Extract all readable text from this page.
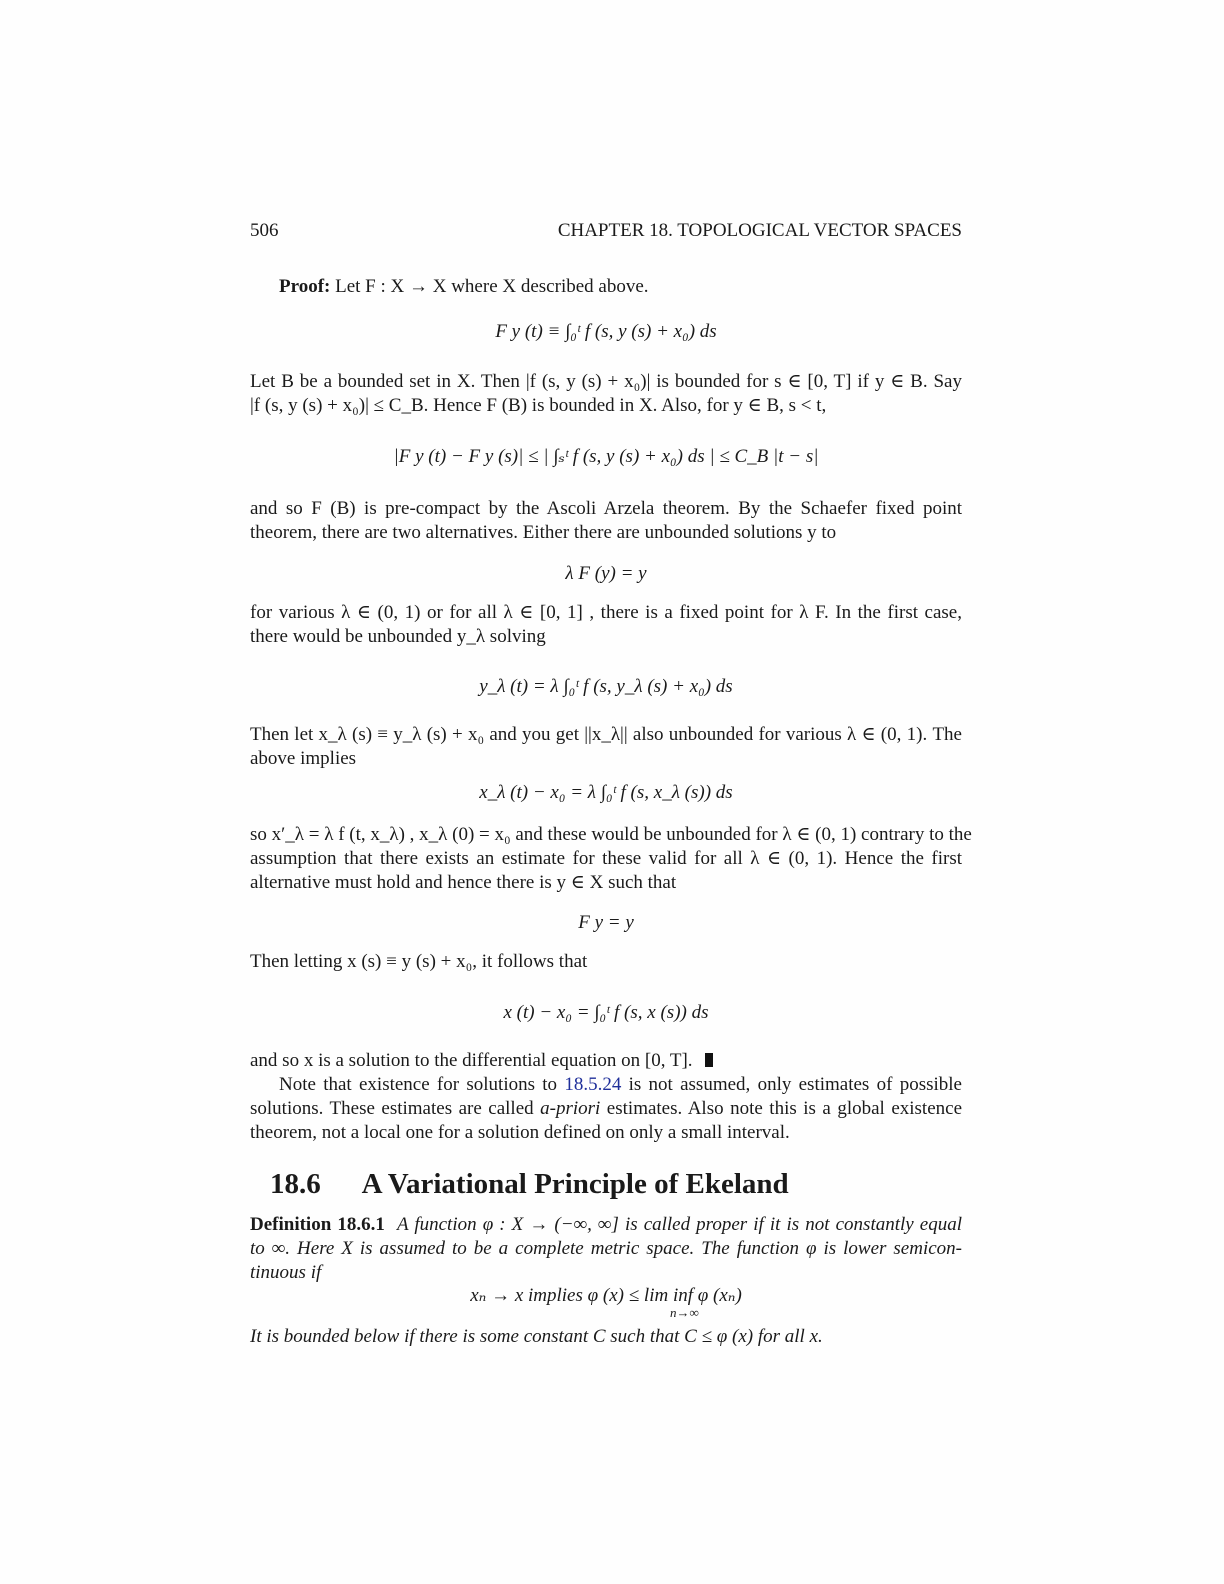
506	CHAPTER 18. TOPOLOGICAL VECTOR SPACES
Proof: Let F : X → X where X described above.
F y (t) ≡ ∫₀ᵗ f (s, y (s) + x₀) ds
Let B be a bounded set in X. Then |f (s, y (s) + x₀)| is bounded for s ∈ [0, T] if y ∈ B. Say
|f (s, y (s) + x₀)| ≤ C_B. Hence F (B) is bounded in X. Also, for y ∈ B, s < t,
|F y (t) − F y (s)| ≤ | ∫ₛᵗ f (s, y (s) + x₀) ds | ≤ C_B |t − s|
and so F (B) is pre-compact by the Ascoli Arzela theorem. By the Schaefer fixed point
theorem, there are two alternatives. Either there are unbounded solutions y to
λ F (y) = y
for various λ ∈ (0, 1) or for all λ ∈ [0, 1] , there is a fixed point for λ F. In the first case,
there would be unbounded y_λ solving
y_λ (t) = λ ∫₀ᵗ f (s, y_λ (s) + x₀) ds
Then let x_λ (s) ≡ y_λ (s) + x₀ and you get ||x_λ|| also unbounded for various λ ∈ (0, 1). The
above implies
x_λ (t) − x₀ = λ ∫₀ᵗ f (s, x_λ (s)) ds
so x′_λ = λ f (t, x_λ) , x_λ (0) = x₀ and these would be unbounded for λ ∈ (0, 1) contrary to the
assumption that there exists an estimate for these valid for all λ ∈ (0, 1). Hence the first
alternative must hold and hence there is y ∈ X such that
F y = y
Then letting x (s) ≡ y (s) + x₀, it follows that
x (t) − x₀ = ∫₀ᵗ f (s, x (s)) ds
and so x is a solution to the differential equation on [0, T].
Note that existence for solutions to 18.5.24 is not assumed, only estimates of possible
solutions. These estimates are called a-priori estimates. Also note this is a global existence
theorem, not a local one for a solution defined on only a small interval.
18.6 A Variational Principle of Ekeland
Definition 18.6.1 A function φ : X → (−∞, ∞] is called proper if it is not constantly equal
to ∞. Here X is assumed to be a complete metric space. The function φ is lower semicon-
tinuous if
xₙ → x implies φ (x) ≤ lim inf φ (xₙ)
n→∞
It is bounded below if there is some constant C such that C ≤ φ (x) for all x.
